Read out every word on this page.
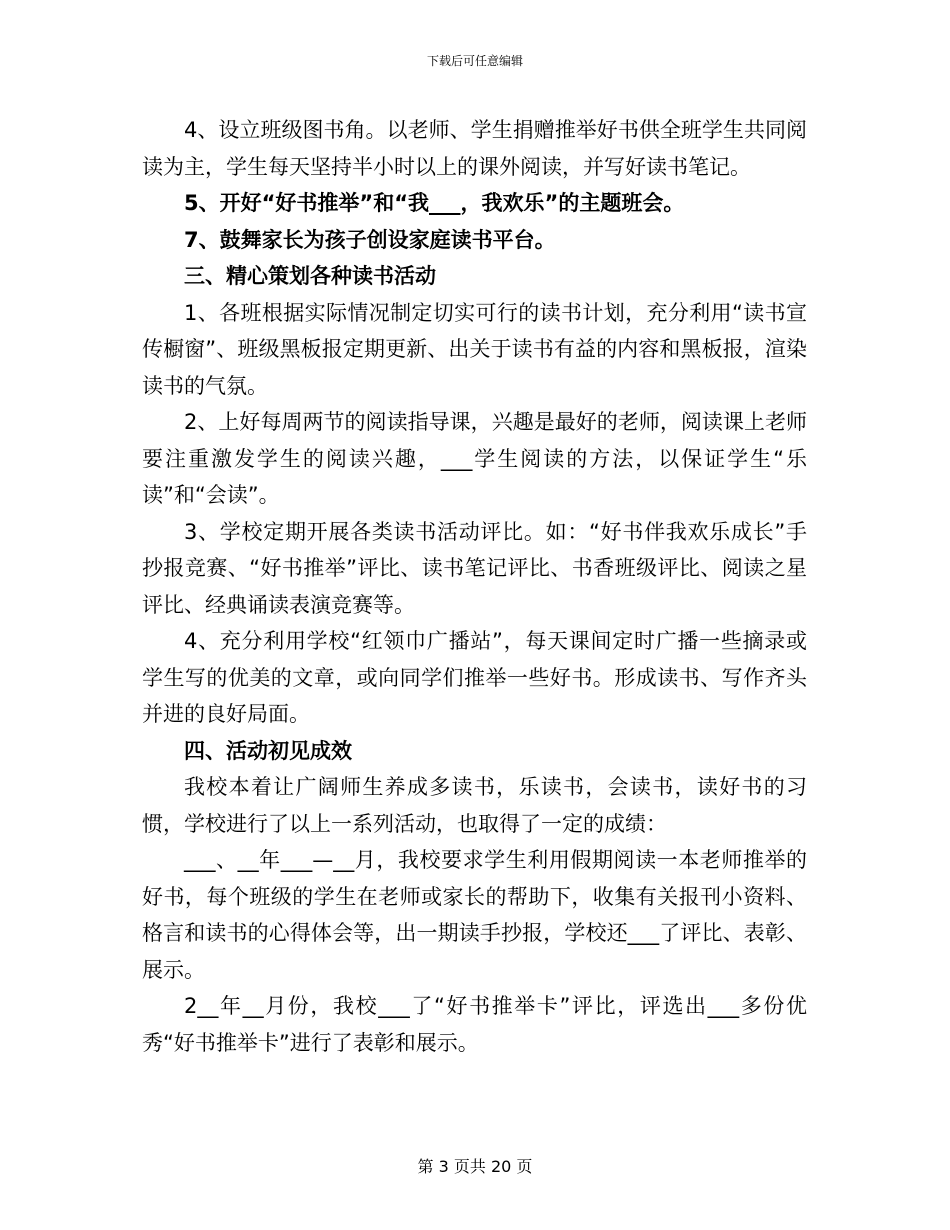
下载后可任意编辑

4、设立班级图书角。以老师、学生捐赠推举好书供全班学生共同阅读为主，学生每天坚持半小时以上的课外阅读，并写好读书笔记。

5、开好“好书推举”和“我___，我欢乐”的主题班会。

7、鼓舞家长为孩子创设家庭读书平台。

三、精心策划各种读书活动

1、各班根据实际情况制定切实可行的读书计划，充分利用“读书宣传橱窗”、班级黑板报定期更新、出关于读书有益的内容和黑板报，渲染读书的气氛。

2、上好每周两节的阅读指导课，兴趣是最好的老师，阅读课上老师要注重激发学生的阅读兴趣，___学生阅读的方法，以保证学生“乐读”和“会读”。

3、学校定期开展各类读书活动评比。如：“好书伴我欢乐成长”手抄报竞赛、“好书推举”评比、读书笔记评比、书香班级评比、阅读之星评比、经典诵读表演竞赛等。

4、充分利用学校“红领巾广播站”，每天课间定时广播一些摘录或学生写的优美的文章，或向同学们推举一些好书。形成读书、写作齐头并进的良好局面。

四、活动初见成效

我校本着让广阔师生养成多读书，乐读书，会读书，读好书的习惯，学校进行了以上一系列活动，也取得了一定的成绩：

___、__年___—__月，我校要求学生利用假期阅读一本老师推举的好书，每个班级的学生在老师或家长的帮助下，收集有关报刊小资料、格言和读书的心得体会等，出一期读手抄报，学校还___了评比、表彰、展示。

2__年__月份，我校___了“好书推举卡”评比，评选出___多份优秀“好书推举卡”进行了表彰和展示。

第 3 页共 20 页
